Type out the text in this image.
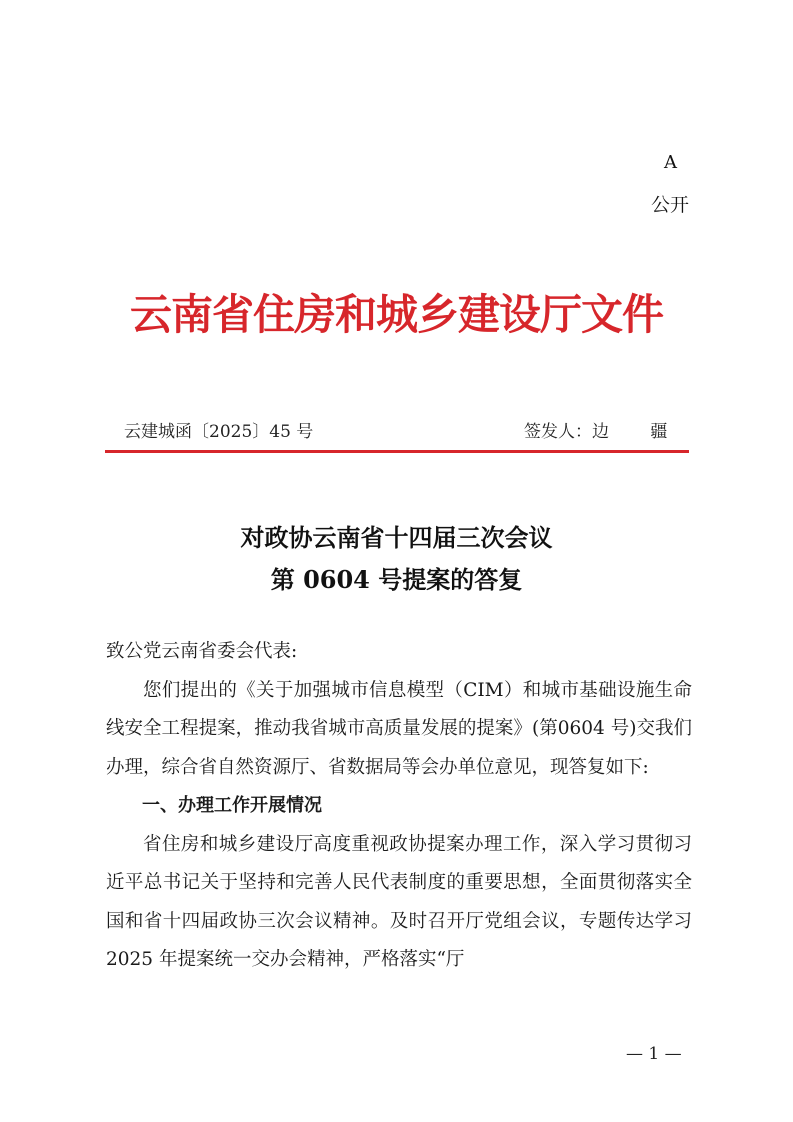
A
公开
云南省住房和城乡建设厅文件
云建城函〔2025〕45 号	签发人：边 疆
对政协云南省十四届三次会议
第 0604 号提案的答复
致公党云南省委会代表:

您们提出的《关于加强城市信息模型（CIM）和城市基础设施生命线安全工程提案，推动我省城市高质量发展的提案》(第0604 号)交我们办理，综合省自然资源厅、省数据局等会办单位意见，现答复如下:

一、办理工作开展情况

省住房和城乡建设厅高度重视政协提案办理工作，深入学习贯彻习近平总书记关于坚持和完善人民代表制度的重要思想，全面贯彻落实全国和省十四届政协三次会议精神。及时召开厅党组会议，专题传达学习 2025 年提案统一交办会精神，严格落实“厅

— 1 —
